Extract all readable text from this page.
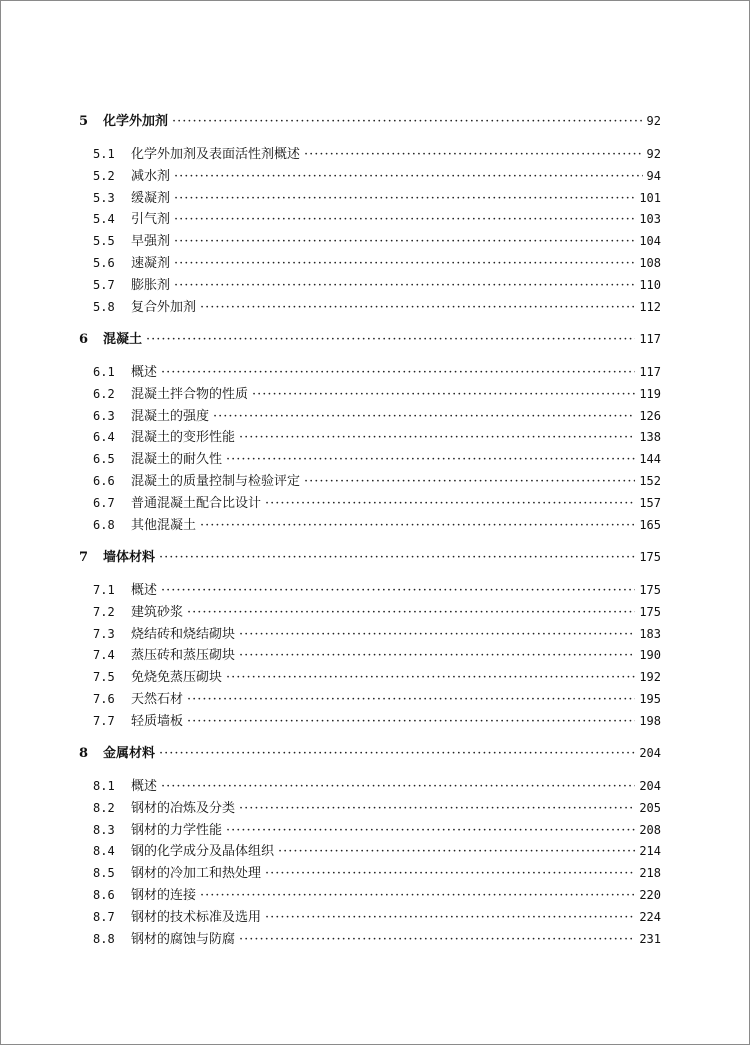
5	化学外加剂 ·····	92
5.1	化学外加剂及表面活性剂概述 ·····	92
5.2	减水剂 ·····	94
5.3	缓凝剂 ·····	101
5.4	引气剂 ·····	103
5.5	早强剂 ·····	104
5.6	速凝剂 ·····	108
5.7	膨胀剂 ·····	110
5.8	复合外加剂 ·····	112
6	混凝土 ·····	117
6.1	概述 ·····	117
6.2	混凝土拌合物的性质 ·····	119
6.3	混凝土的强度 ·····	126
6.4	混凝土的变形性能 ·····	138
6.5	混凝土的耐久性 ·····	144
6.6	混凝土的质量控制与检验评定 ·····	152
6.7	普通混凝土配合比设计 ·····	157
6.8	其他混凝土 ·····	165
7	墙体材料 ·····	175
7.1	概述 ·····	175
7.2	建筑砂浆 ·····	175
7.3	烧结砖和烧结砌块 ·····	183
7.4	蒸压砖和蒸压砌块 ·····	190
7.5	免烧免蒸压砌块 ·····	192
7.6	天然石材 ·····	195
7.7	轻质墙板 ·····	198
8	金属材料 ·····	204
8.1	概述 ·····	204
8.2	钢材的冶炼及分类 ·····	205
8.3	钢材的力学性能 ·····	208
8.4	钢的化学成分及晶体组织 ·····	214
8.5	钢材的冷加工和热处理 ·····	218
8.6	钢材的连接 ·····	220
8.7	钢材的技术标准及选用 ·····	224
8.8	钢材的腐蚀与防腐 ·····	231
